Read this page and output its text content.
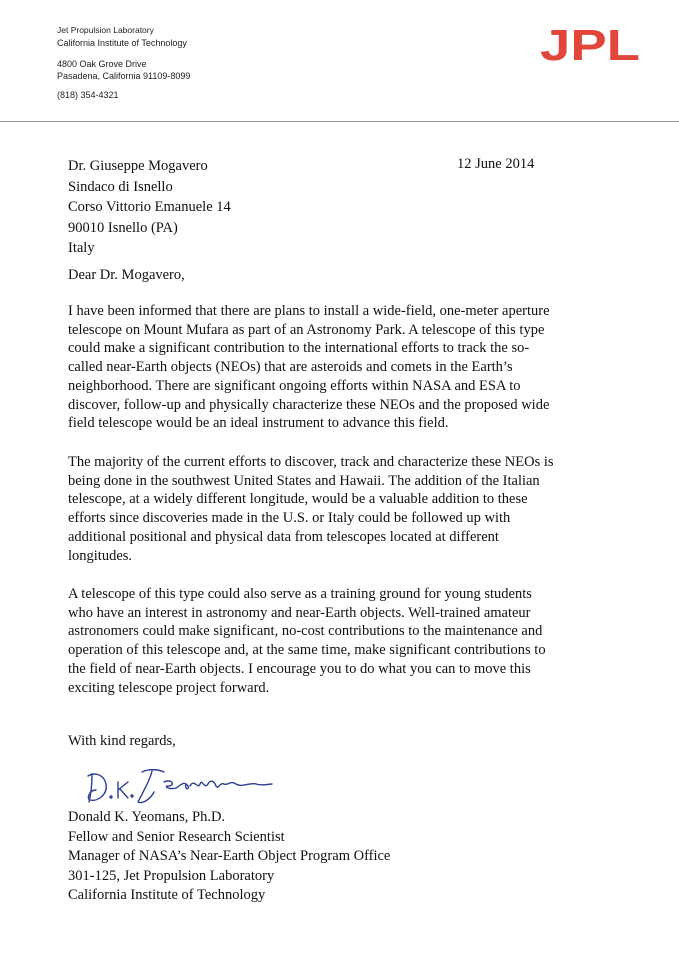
Jet Propulsion Laboratory
California Institute of Technology
4800 Oak Grove Drive
Pasadena, California 91109-8099
(818) 354-4321
JPL
Dr. Giuseppe Mogavero
Sindaco di Isnello
Corso Vittorio Emanuele 14
90010 Isnello (PA)
Italy
12 June 2014
Dear Dr. Mogavero,
I have been informed that there are plans to install a wide-field, one-meter aperture
telescope on Mount Mufara as part of an Astronomy Park. A telescope of this type
could make a significant contribution to the international efforts to track the so-
called near-Earth objects (NEOs) that are asteroids and comets in the Earth’s
neighborhood. There are significant ongoing efforts within NASA and ESA to
discover, follow-up and physically characterize these NEOs and the proposed wide
field telescope would be an ideal instrument to advance this field.
The majority of the current efforts to discover, track and characterize these NEOs is
being done in the southwest United States and Hawaii. The addition of the Italian
telescope, at a widely different longitude, would be a valuable addition to these
efforts since discoveries made in the U.S. or Italy could be followed up with
additional positional and physical data from telescopes located at different
longitudes.
A telescope of this type could also serve as a training ground for young students
who have an interest in astronomy and near-Earth objects. Well-trained amateur
astronomers could make significant, no-cost contributions to the maintenance and
operation of this telescope and, at the same time, make significant contributions to
the field of near-Earth objects. I encourage you to do what you can to move this
exciting telescope project forward.
With kind regards,
Donald K. Yeomans, Ph.D.
Fellow and Senior Research Scientist
Manager of NASA’s Near-Earth Object Program Office
301-125, Jet Propulsion Laboratory
California Institute of Technology
